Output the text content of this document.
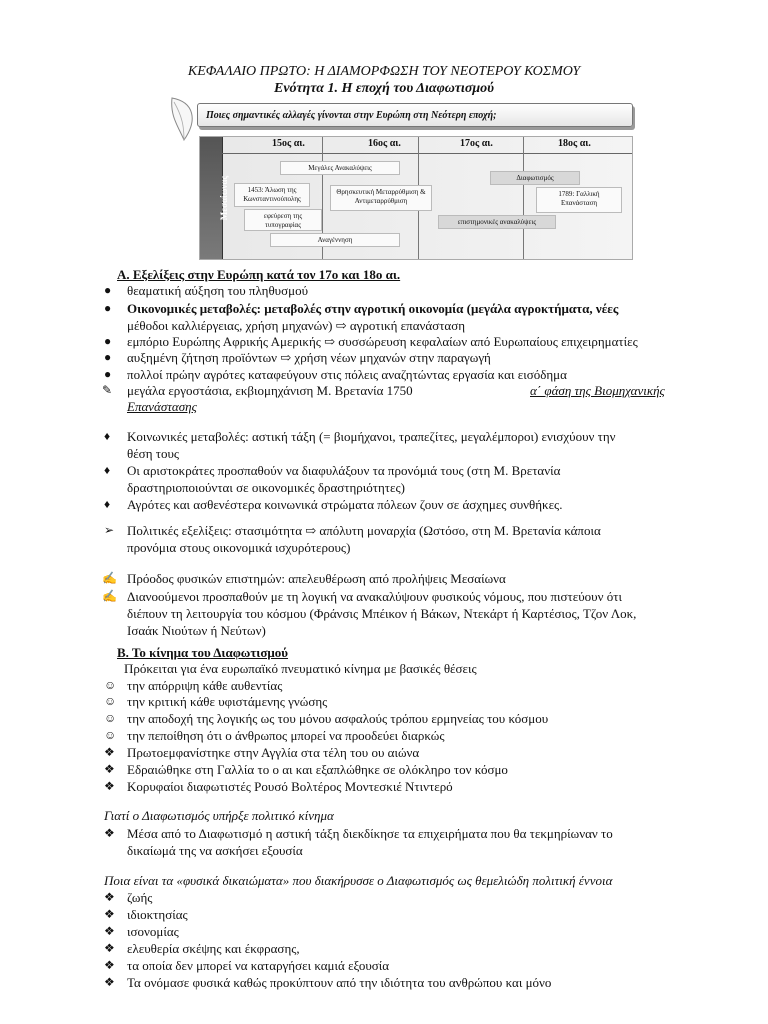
ΚΕΦΑΛΑΙΟ ΠΡΩΤΟ: Η ΔΙΑΜΟΡΦΩΣΗ ΤΟΥ ΝΕΟΤΕΡΟΥ ΚΟΣΜΟΥ
Ενότητα 1. Η εποχή του Διαφωτισμού
Ποιες σημαντικές αλλαγές γίνονται στην Ευρώπη στη Νεότερη εποχή;
Μεσαίωνας
15ος αι.	16ος αι.	17ος αι.	18ος αι.
Μεγάλες Ανακαλύψεις
1453: Άλωση της Κωνσταντινούπολης
Θρησκευτική Μεταρρύθμιση & Αντιμεταρρύθμιση
Διαφωτισμός
1789: Γαλλική Επανάσταση
εφεύρεση της τυπογραφίας	επιστημονικές ανακαλύψεις
Αναγέννηση
Α. Εξελίξεις στην Ευρώπη κατά τον 17ο και 18ο αι.
● θεαματική αύξηση του πληθυσμού
● Οικονομικές μεταβολές: μεταβολές στην αγροτική οικονομία (μεγάλα αγροκτήματα, νέες
μέθοδοι καλλιέργειας, χρήση μηχανών) ⇨ αγροτική επανάσταση
● εμπόριο Ευρώπης Αφρικής Αμερικής ⇨ συσσώρευση κεφαλαίων από Ευρωπαίους επιχειρηματίες
● αυξημένη ζήτηση προϊόντων ⇨ χρήση νέων μηχανών στην παραγωγή
● πολλοί πρώην αγρότες καταφεύγουν στις πόλεις αναζητώντας εργασία και εισόδημα
✎ μεγάλα εργοστάσια, εκβιομηχάνιση Μ. Βρετανία 1750	α΄ φάση της Βιομηχανικής
Επανάστασης
♦ Κοινωνικές μεταβολές: αστική τάξη (= βιομήχανοι, τραπεζίτες, μεγαλέμποροι) ενισχύουν την
θέση τους
♦ Οι αριστοκράτες προσπαθούν να διαφυλάξουν τα προνόμιά τους (στη Μ. Βρετανία
δραστηριοποιούνται σε οικονομικές δραστηριότητες)
♦ Αγρότες και ασθενέστερα κοινωνικά στρώματα πόλεων ζουν σε άσχημες συνθήκες.
➢ Πολιτικές εξελίξεις: στασιμότητα ⇨ απόλυτη μοναρχία (Ωστόσο, στη Μ. Βρετανία κάποια
προνόμια στους οικονομικά ισχυρότερους)
✍ Πρόοδος φυσικών επιστημών: απελευθέρωση από προλήψεις Μεσαίωνα
✍ Διανοούμενοι προσπαθούν με τη λογική να ανακαλύψουν φυσικούς νόμους, που πιστεύουν ότι
διέπουν τη λειτουργία του κόσμου (Φράνσις Μπέικον ή Βάκων, Ντεκάρτ ή Καρτέσιος, Τζον Λοκ,
Ισαάκ Νιούτων ή Νεύτων)
Β. Το κίνημα του Διαφωτισμού
Πρόκειται για ένα ευρωπαϊκό πνευματικό κίνημα με βασικές θέσεις
☺ την απόρριψη κάθε αυθεντίας
☺ την κριτική κάθε υφιστάμενης γνώσης
☺ την αποδοχή της λογικής ως του μόνου ασφαλούς τρόπου ερμηνείας του κόσμου
☺ την πεποίθηση ότι ο άνθρωπος μπορεί να προοδεύει διαρκώς
❖ Πρωτοεμφανίστηκε στην Αγγλία στα τέλη του ου αιώνα
❖ Εδραιώθηκε στη Γαλλία το ο αι και εξαπλώθηκε σε ολόκληρο τον κόσμο
❖ Κορυφαίοι διαφωτιστές Ρουσό Βολτέρος Μοντεσκιέ Ντιντερό
Γιατί ο Διαφωτισμός υπήρξε πολιτικό κίνημα
❖ Μέσα από το Διαφωτισμό η αστική τάξη διεκδίκησε τα επιχειρήματα που θα τεκμηρίωναν το
δικαίωμά της να ασκήσει εξουσία
Ποια είναι τα «φυσικά δικαιώματα» που διακήρυσσε ο Διαφωτισμός ως θεμελιώδη πολιτική έννοια
❖ ζωής
❖ ιδιοκτησίας
❖ ισονομίας
❖ ελευθερία σκέψης και έκφρασης,
❖ τα οποία δεν μπορεί να καταργήσει καμιά εξουσία
❖ Τα ονόμασε φυσικά καθώς προκύπτουν από την ιδιότητα του ανθρώπου και μόνο
